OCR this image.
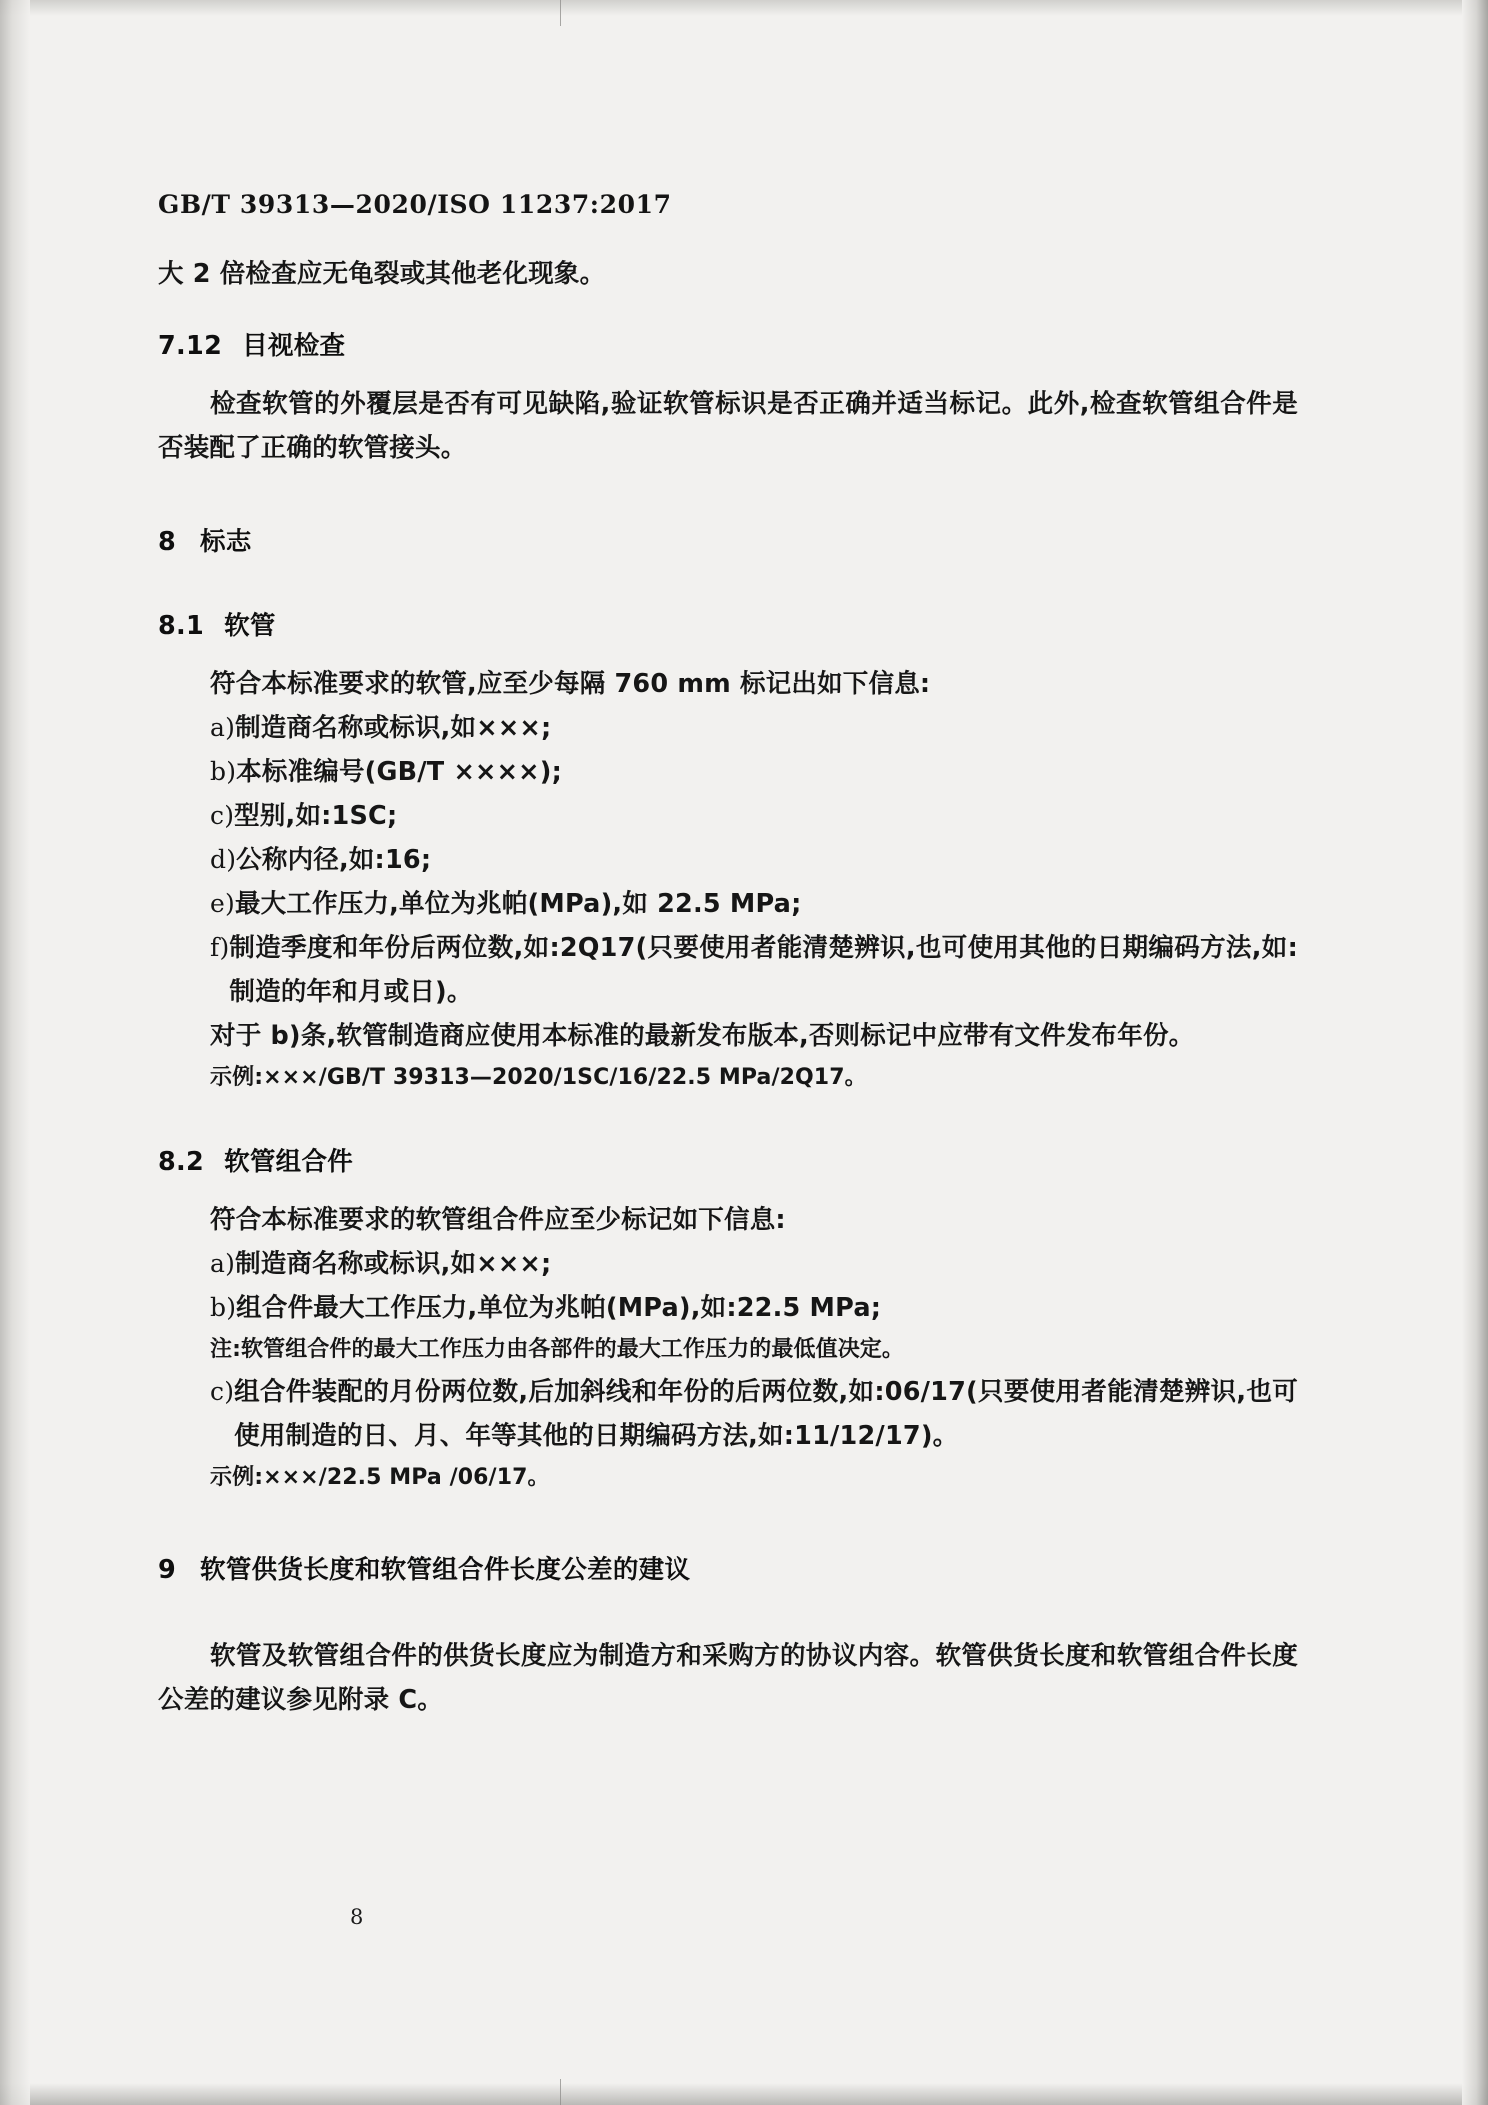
GB/T 39313—2020/ISO 11237:2017

大 2 倍检查应无龟裂或其他老化现象。

7.12 目视检查

检查软管的外覆层是否有可见缺陷,验证软管标识是否正确并适当标记。此外,检查软管组合件是否装配了正确的软管接头。

8 标志
8.1 软管

符合本标准要求的软管,应至少每隔 760 mm 标记出如下信息:

a) 制造商名称或标识,如×××;
b) 本标准编号(GB/T ××××);
c) 型别,如:1SC;
d) 公称内径,如:16;
e) 最大工作压力,单位为兆帕(MPa),如 22.5 MPa;
f) 制造季度和年份后两位数,如:2Q17(只要使用者能清楚辨识,也可使用其他的日期编码方法,如:制造的年和月或日)。

对于 b)条,软管制造商应使用本标准的最新发布版本,否则标记中应带有文件发布年份。

示例:×××/GB/T 39313—2020/1SC/16/22.5 MPa/2Q17。

8.2 软管组合件

符合本标准要求的软管组合件应至少标记如下信息:

a) 制造商名称或标识,如×××;
b) 组合件最大工作压力,单位为兆帕(MPa),如:22.5 MPa;

注:软管组合件的最大工作压力由各部件的最大工作压力的最低值决定。

c) 组合件装配的月份两位数,后加斜线和年份的后两位数,如:06/17(只要使用者能清楚辨识,也可使用制造的日、月、年等其他的日期编码方法,如:11/12/17)。

示例:×××/22.5 MPa /06/17。

9 软管供货长度和软管组合件长度公差的建议

软管及软管组合件的供货长度应为制造方和采购方的协议内容。软管供货长度和软管组合件长度公差的建议参见附录 C。

8
